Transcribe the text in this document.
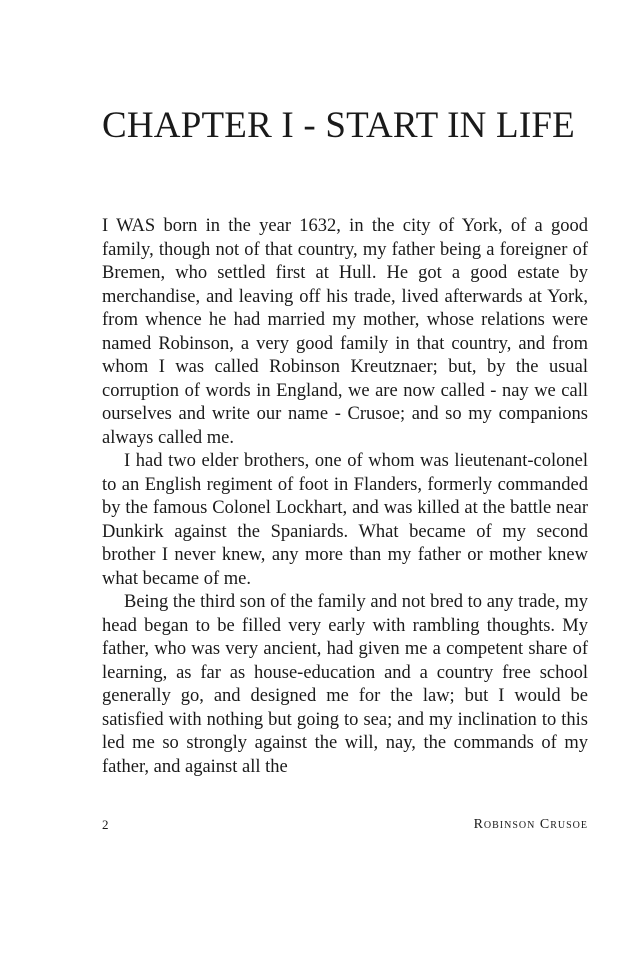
CHAPTER I - START IN LIFE

I WAS born in the year 1632, in the city of York, of a good family, though not of that country, my father being a foreigner of Bremen, who settled first at Hull. He got a good estate by merchandise, and leaving off his trade, lived afterwards at York, from whence he had married my mother, whose relations were named Robinson, a very good family in that country, and from whom I was called Robinson Kreutznaer; but, by the usual corruption of words in England, we are now called - nay we call ourselves and write our name - Crusoe; and so my companions always called me.

I had two elder brothers, one of whom was lieutenant-colonel to an English regiment of foot in Flanders, formerly commanded by the famous Colonel Lockhart, and was killed at the battle near Dunkirk against the Spaniards. What became of my second brother I never knew, any more than my father or mother knew what became of me.

Being the third son of the family and not bred to any trade, my head began to be filled very early with rambling thoughts. My father, who was very ancient, had given me a competent share of learning, as far as house-education and a country free school generally go, and designed me for the law; but I would be satisfied with nothing but going to sea; and my inclination to this led me so strongly against the will, nay, the commands of my father, and against all the

2	Robinson Crusoe
